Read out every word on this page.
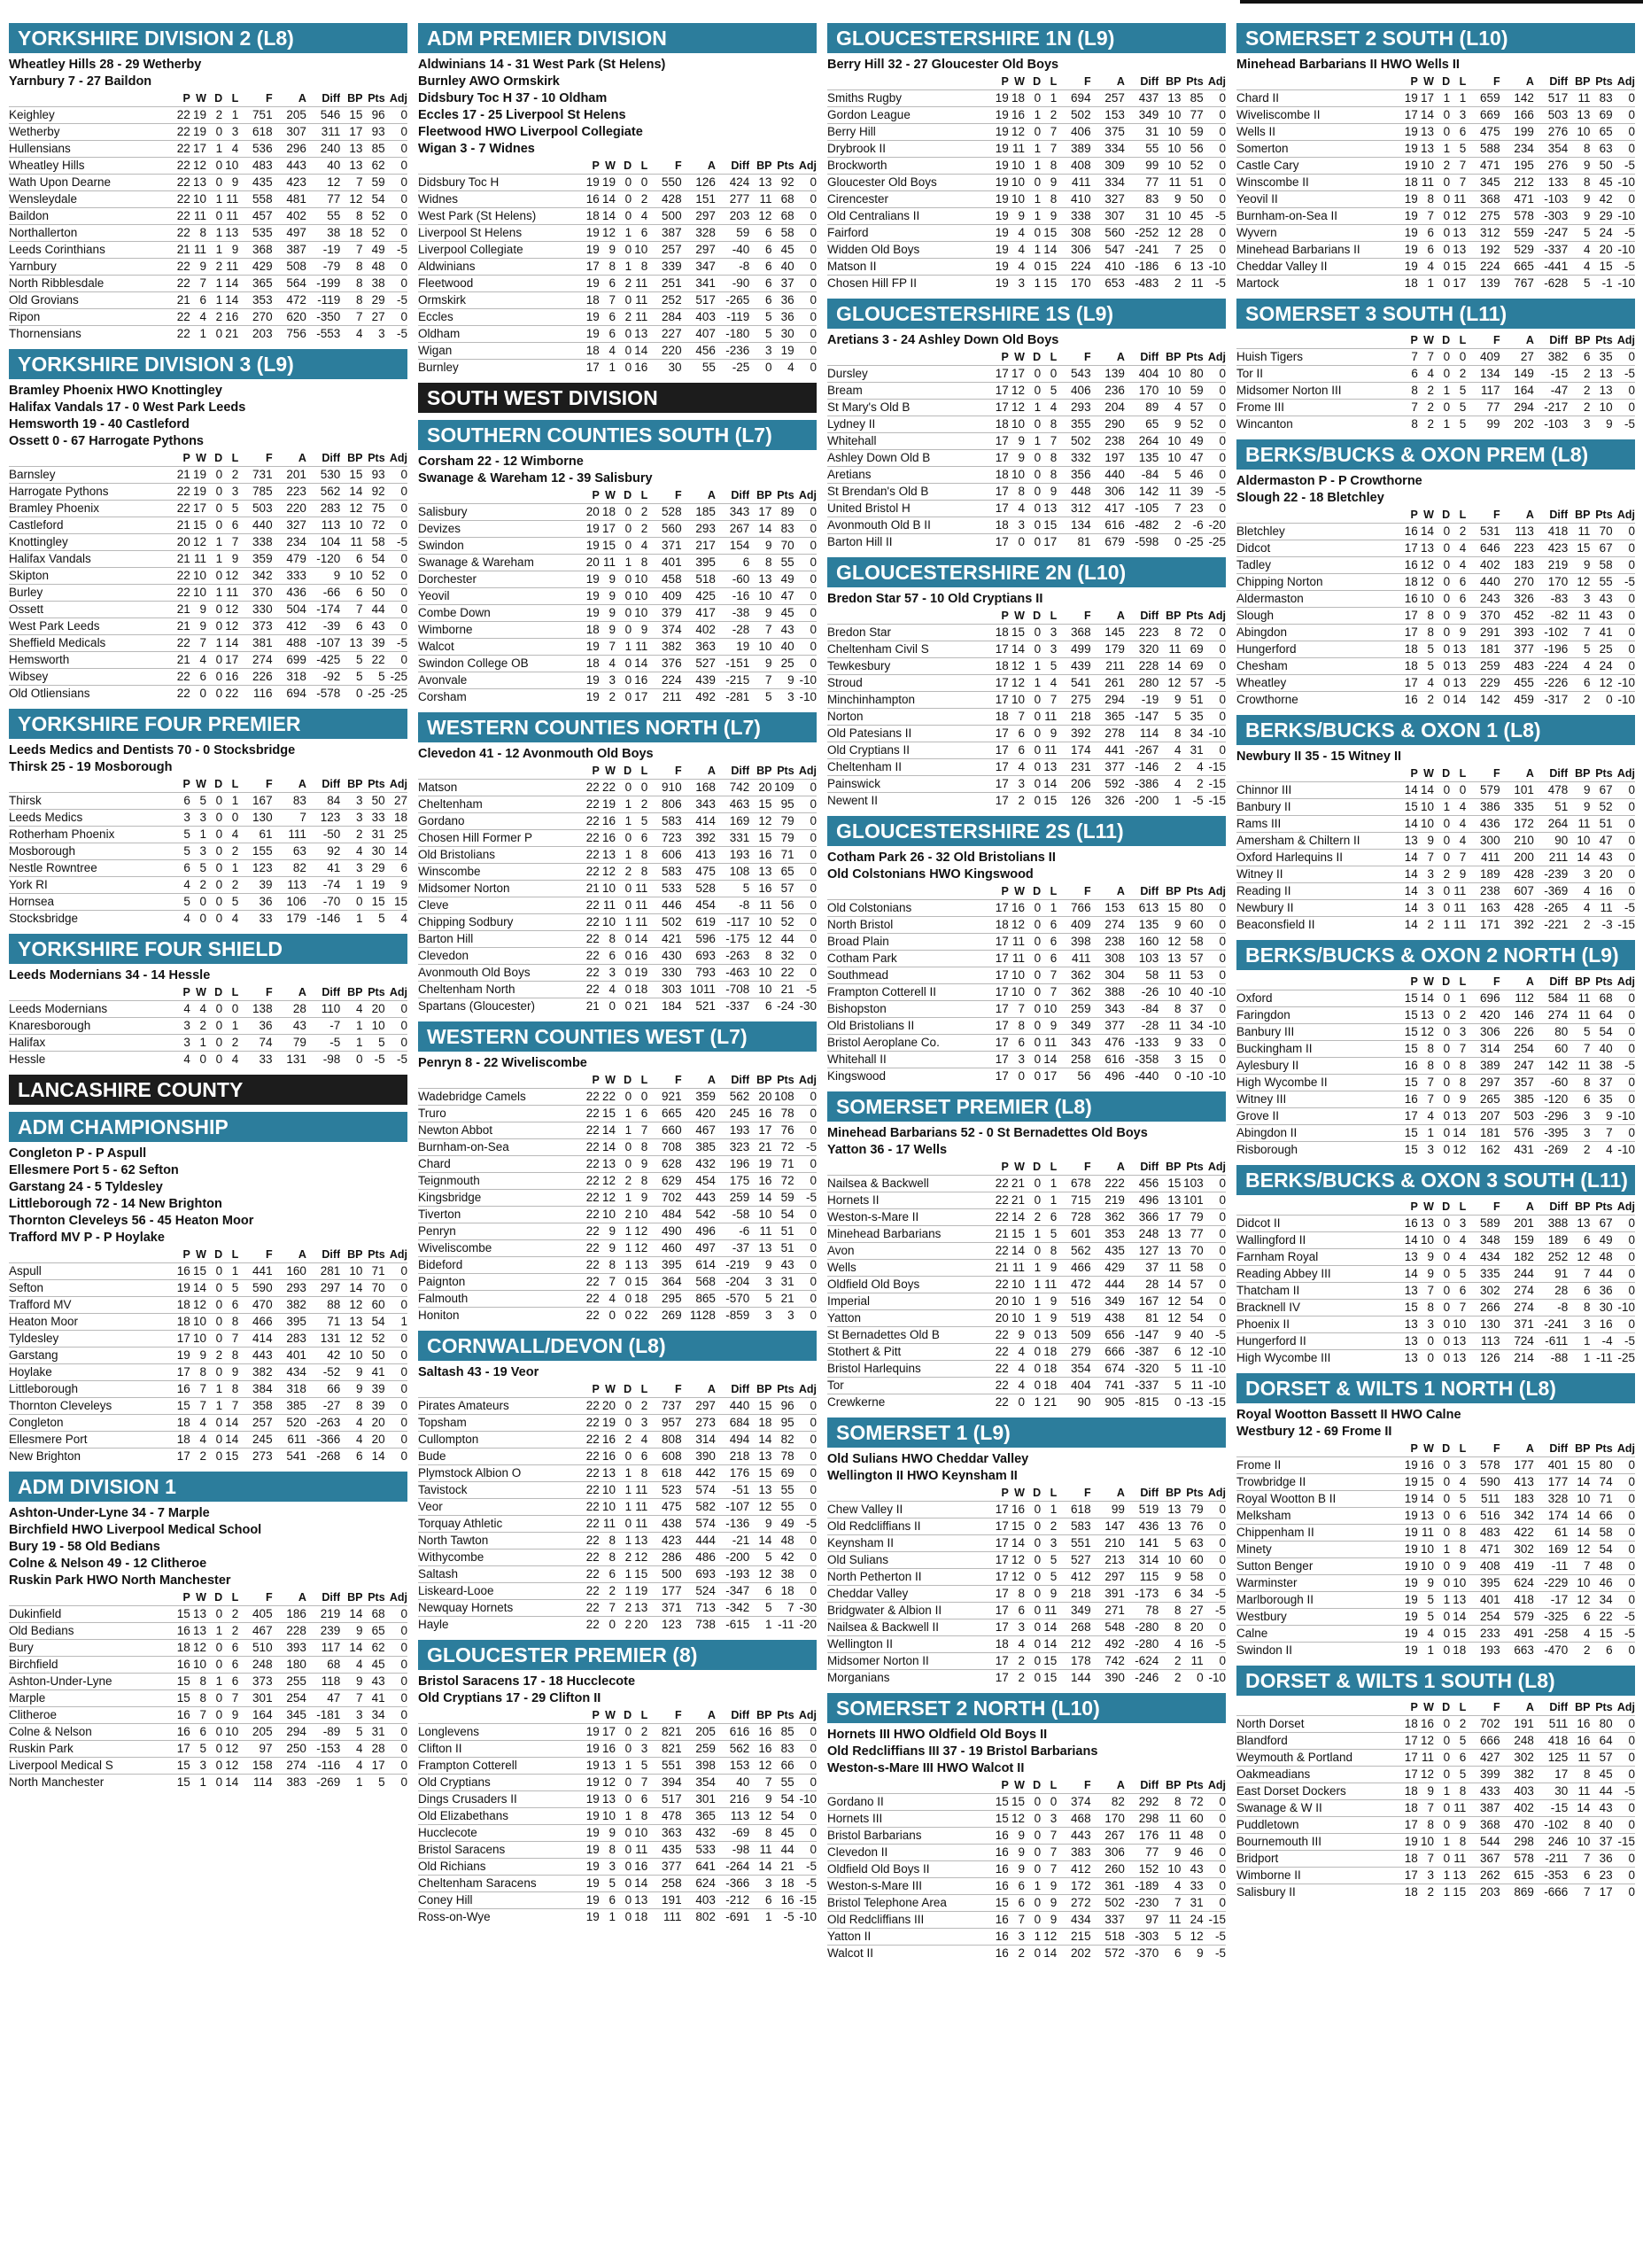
YORKSHIRE DIVISION 2 (L8)
Wheatley Hills 28 - 29 Wetherby
Yarnbury 7 - 27 Baildon
	P	W	D	L	F	A	Diff	BP	Pts	Adj
Keighley	22	19	2	1	751	205	546	15	96	0
Wetherby	22	19	0	3	618	307	311	17	93	0
Hullensians	22	17	1	4	536	296	240	13	85	0
Wheatley Hills	22	12	0	10	483	443	40	13	62	0
Wath Upon Dearne	22	13	0	9	435	423	12	7	59	0
Wensleydale	22	10	1	11	558	481	77	12	54	0
Baildon	22	11	0	11	457	402	55	8	52	0
Northallerton	22	8	1	13	535	497	38	18	52	0
Leeds Corinthians	21	11	1	9	368	387	-19	7	49	-5
Yarnbury	22	9	2	11	429	508	-79	8	48	0
North Ribblesdale	22	7	1	14	365	564	-199	8	38	0
Old Grovians	21	6	1	14	353	472	-119	8	29	-5
Ripon	22	4	2	16	270	620	-350	7	27	0
Thornensians	22	1	0	21	203	756	-553	4	3	-5
YORKSHIRE DIVISION 3 (L9)
Bramley Phoenix HWO Knottingley
Halifax Vandals 17 - 0 West Park Leeds
Hemsworth 19 - 40 Castleford
Ossett 0 - 67 Harrogate Pythons
	P	W	D	L	F	A	Diff	BP	Pts	Adj
Barnsley	21	19	0	2	731	201	530	15	93	0
Harrogate Pythons	22	19	0	3	785	223	562	14	92	0
Bramley Phoenix	22	17	0	5	503	220	283	12	75	0
Castleford	21	15	0	6	440	327	113	10	72	0
Knottingley	20	12	1	7	338	234	104	11	58	-5
Halifax Vandals	21	11	1	9	359	479	-120	6	54	0
Skipton	22	10	0	12	342	333	9	10	52	0
Burley	22	10	1	11	370	436	-66	6	50	0
Ossett	21	9	0	12	330	504	-174	7	44	0
West Park Leeds	21	9	0	12	373	412	-39	6	43	0
Sheffield Medicals	22	7	1	14	381	488	-107	13	39	-5
Hemsworth	21	4	0	17	274	699	-425	5	22	0
Wibsey	22	6	0	16	226	318	-92	5	5	-25
Old Otliensians	22	0	0	22	116	694	-578	0	-25	-25
YORKSHIRE FOUR PREMIER
Leeds Medics and Dentists 70 - 0 Stocksbridge
Thirsk 25 - 19 Mosborough
	P	W	D	L	F	A	Diff	BP	Pts	Adj
Thirsk	6	5	0	1	167	83	84	3	50	27
Leeds Medics	3	3	0	0	130	7	123	3	33	18
Rotherham Phoenix	5	1	0	4	61	111	-50	2	31	25
Mosborough	5	3	0	2	155	63	92	4	30	14
Nestle Rowntree	6	5	0	1	123	82	41	3	29	6
York RI	4	2	0	2	39	113	-74	1	19	9
Hornsea	5	0	0	5	36	106	-70	0	15	15
Stocksbridge	4	0	0	4	33	179	-146	1	5	4
YORKSHIRE FOUR SHIELD
Leeds Modernians 34 - 14 Hessle
	P	W	D	L	F	A	Diff	BP	Pts	Adj
Leeds Modernians	4	4	0	0	138	28	110	4	20	0
Knaresborough	3	2	0	1	36	43	-7	1	10	0
Halifax	3	1	0	2	74	79	-5	1	5	0
Hessle	4	0	0	4	33	131	-98	0	-5	-5
LANCASHIRE COUNTY
ADM CHAMPIONSHIP
Congleton P - P Aspull
Ellesmere Port 5 - 62 Sefton
Garstang 24 - 5 Tyldesley
Littleborough 72 - 14 New Brighton
Thornton Cleveleys 56 - 45 Heaton Moor
Trafford MV P - P Hoylake
	P	W	D	L	F	A	Diff	BP	Pts	Adj
Aspull	16	15	0	1	441	160	281	10	71	0
Sefton	19	14	0	5	590	293	297	14	70	0
Trafford MV	18	12	0	6	470	382	88	12	60	0
Heaton Moor	18	10	0	8	466	395	71	13	54	1
Tyldesley	17	10	0	7	414	283	131	12	52	0
Garstang	19	9	2	8	443	401	42	10	50	0
Hoylake	17	8	0	9	382	434	-52	9	41	0
Littleborough	16	7	1	8	384	318	66	9	39	0
Thornton Cleveleys	15	7	1	7	358	385	-27	8	39	0
Congleton	18	4	0	14	257	520	-263	4	20	0
Ellesmere Port	18	4	0	14	245	611	-366	4	20	0
New Brighton	17	2	0	15	273	541	-268	6	14	0
ADM DIVISION 1
Ashton-Under-Lyne 34 - 7 Marple
Birchfield HWO Liverpool Medical School
Bury 19 - 58 Old Bedians
Colne & Nelson 49 - 12 Clitheroe
Ruskin Park HWO North Manchester
	P	W	D	L	F	A	Diff	BP	Pts	Adj
Dukinfield	15	13	0	2	405	186	219	14	68	0
Old Bedians	16	13	1	2	467	228	239	9	65	0
Bury	18	12	0	6	510	393	117	14	62	0
Birchfield	16	10	0	6	248	180	68	4	45	0
Ashton-Under-Lyne	15	8	1	6	373	255	118	9	43	0
Marple	15	8	0	7	301	254	47	7	41	0
Clitheroe	16	7	0	9	164	345	-181	3	34	0
Colne & Nelson	16	6	0	10	205	294	-89	5	31	0
Ruskin Park	17	5	0	12	97	250	-153	4	28	0
Liverpool Medical S	15	3	0	12	158	274	-116	4	17	0
North Manchester	15	1	0	14	114	383	-269	1	5	0
ADM PREMIER DIVISION
Aldwinians 14 - 31 West Park (St Helens)
Burnley AWO Ormskirk
Didsbury Toc H 37 - 10 Oldham
Eccles 17 - 25 Liverpool St Helens
Fleetwood HWO Liverpool Collegiate
Wigan 3 - 7 Widnes
	P	W	D	L	F	A	Diff	BP	Pts	Adj
Didsbury Toc H	19	19	0	0	550	126	424	13	92	0
Widnes	16	14	0	2	428	151	277	11	68	0
West Park (St Helens)	18	14	0	4	500	297	203	12	68	0
Liverpool St Helens	19	12	1	6	387	328	59	6	58	0
Liverpool Collegiate	19	9	0	10	257	297	-40	6	45	0
Aldwinians	17	8	1	8	339	347	-8	6	40	0
Fleetwood	19	6	2	11	251	341	-90	6	37	0
Ormskirk	18	7	0	11	252	517	-265	6	36	0
Eccles	19	6	2	11	284	403	-119	5	36	0
Oldham	19	6	0	13	227	407	-180	5	30	0
Wigan	18	4	0	14	220	456	-236	3	19	0
Burnley	17	1	0	16	30	55	-25	0	4	0
SOUTH WEST DIVISION
SOUTHERN COUNTIES SOUTH (L7)
Corsham 22 - 12 Wimborne
Swanage & Wareham 12 - 39 Salisbury
	P	W	D	L	F	A	Diff	BP	Pts	Adj
Salisbury	20	18	0	2	528	185	343	17	89	0
Devizes	19	17	0	2	560	293	267	14	83	0
Swindon	19	15	0	4	371	217	154	9	70	0
Swanage & Wareham	20	11	1	8	401	395	6	8	55	0
Dorchester	19	9	0	10	458	518	-60	13	49	0
Yeovil	19	9	0	10	409	425	-16	10	47	0
Combe Down	19	9	0	10	379	417	-38	9	45	0
Wimborne	18	9	0	9	374	402	-28	7	43	0
Walcot	19	7	1	11	382	363	19	10	40	0
Swindon College OB	18	4	0	14	376	527	-151	9	25	0
Avonvale	19	3	0	16	224	439	-215	7	9	-10
Corsham	19	2	0	17	211	492	-281	5	3	-10
WESTERN COUNTIES NORTH (L7)
Clevedon 41 - 12 Avonmouth Old Boys
	P	W	D	L	F	A	Diff	BP	Pts	Adj
Matson	22	22	0	0	910	168	742	20	109	0
Cheltenham	22	19	1	2	806	343	463	15	95	0
Gordano	22	16	1	5	583	414	169	12	79	0
Chosen Hill Former P	22	16	0	6	723	392	331	15	79	0
Old Bristolians	22	13	1	8	606	413	193	16	71	0
Winscombe	22	12	2	8	583	475	108	13	65	0
Midsomer Norton	21	10	0	11	533	528	5	16	57	0
Cleve	22	11	0	11	446	454	-8	11	56	0
Chipping Sodbury	22	10	1	11	502	619	-117	10	52	0
Barton Hill	22	8	0	14	421	596	-175	12	44	0
Clevedon	22	6	0	16	430	693	-263	8	32	0
Avonmouth Old Boys	22	3	0	19	330	793	-463	10	22	0
Cheltenham North	22	4	0	18	303	1011	-708	10	21	-5
Spartans (Gloucester)	21	0	0	21	184	521	-337	6	-24	-30
WESTERN COUNTIES WEST (L7)
Penryn 8 - 22 Wiveliscombe
	P	W	D	L	F	A	Diff	BP	Pts	Adj
Wadebridge Camels	22	22	0	0	921	359	562	20	108	0
Truro	22	15	1	6	665	420	245	16	78	0
Newton Abbot	22	14	1	7	660	467	193	17	76	0
Burnham-on-Sea	22	14	0	8	708	385	323	21	72	-5
Chard	22	13	0	9	628	432	196	19	71	0
Teignmouth	22	12	2	8	629	454	175	16	72	0
Kingsbridge	22	12	1	9	702	443	259	14	59	-5
Tiverton	22	10	2	10	484	542	-58	10	54	0
Penryn	22	9	1	12	490	496	-6	11	51	0
Wiveliscombe	22	9	1	12	460	497	-37	13	51	0
Bideford	22	8	1	13	395	614	-219	9	43	0
Paignton	22	7	0	15	364	568	-204	3	31	0
Falmouth	22	4	0	18	295	865	-570	5	21	0
Honiton	22	0	0	22	269	1128	-859	3	3	0
CORNWALL/DEVON (L8)
Saltash 43 - 19 Veor
	P	W	D	L	F	A	Diff	BP	Pts	Adj
Pirates Amateurs	22	20	0	2	737	297	440	15	96	0
Topsham	22	19	0	3	957	273	684	18	95	0
Cullompton	22	16	2	4	808	314	494	14	82	0
Bude	22	16	0	6	608	390	218	13	78	0
Plymstock Albion O	22	13	1	8	618	442	176	15	69	0
Tavistock	22	10	1	11	523	574	-51	13	55	0
Veor	22	10	1	11	475	582	-107	12	55	0
Torquay Athletic	22	11	0	11	438	574	-136	9	49	-5
North Tawton	22	8	1	13	423	444	-21	14	48	0
Withycombe	22	8	2	12	286	486	-200	5	42	0
Saltash	22	6	1	15	500	693	-193	12	38	0
Liskeard-Looe	22	2	1	19	177	524	-347	6	18	0
Newquay Hornets	22	7	2	13	371	713	-342	5	7	-30
Hayle	22	0	2	20	123	738	-615	1	-11	-20
GLOUCESTER PREMIER (8)
Bristol Saracens 17 - 18 Hucclecote
Old Cryptians 17 - 29 Clifton II
	P	W	D	L	F	A	Diff	BP	Pts	Adj
Longlevens	19	17	0	2	821	205	616	16	85	0
Clifton II	19	16	0	3	821	259	562	16	83	0
Frampton Cotterell	19	13	1	5	551	398	153	12	66	0
Old Cryptians	19	12	0	7	394	354	40	7	55	0
Dings Crusaders II	19	13	0	6	517	301	216	9	54	-10
Old Elizabethans	19	10	1	8	478	365	113	12	54	0
Hucclecote	19	9	0	10	363	432	-69	8	45	0
Bristol Saracens	19	8	0	11	435	533	-98	11	44	0
Old Richians	19	3	0	16	377	641	-264	14	21	-5
Cheltenham Saracens	19	5	0	14	258	624	-366	3	18	-5
Coney Hill	19	6	0	13	191	403	-212	6	16	-15
Ross-on-Wye	19	1	0	18	111	802	-691	1	-5	-10
GLOUCESTERSHIRE 1N (L9)
Berry Hill 32 - 27 Gloucester Old Boys
	P	W	D	L	F	A	Diff	BP	Pts	Adj
Smiths Rugby	19	18	0	1	694	257	437	13	85	0
Gordon League	19	16	1	2	502	153	349	10	77	0
Berry Hill	19	12	0	7	406	375	31	10	59	0
Drybrook II	19	11	1	7	389	334	55	10	56	0
Brockworth	19	10	1	8	408	309	99	10	52	0
Gloucester Old Boys	19	10	0	9	411	334	77	11	51	0
Cirencester	19	10	1	8	410	327	83	9	50	0
Old Centralians II	19	9	1	9	338	307	31	10	45	-5
Fairford	19	4	0	15	308	560	-252	12	28	0
Widden Old Boys	19	4	1	14	306	547	-241	7	25	0
Matson II	19	4	0	15	224	410	-186	6	13	-10
Chosen Hill FP II	19	3	1	15	170	653	-483	2	11	-5
GLOUCESTERSHIRE 1S (L9)
Aretians 3 - 24 Ashley Down Old Boys
	P	W	D	L	F	A	Diff	BP	Pts	Adj
Dursley	17	17	0	0	543	139	404	10	80	0
Bream	17	12	0	5	406	236	170	10	59	0
St Mary's Old B	17	12	1	4	293	204	89	4	57	0
Lydney II	18	10	0	8	355	290	65	9	52	0
Whitehall	17	9	1	7	502	238	264	10	49	0
Ashley Down Old B	17	9	0	8	332	197	135	10	47	0
Aretians	18	10	0	8	356	440	-84	5	46	0
St Brendan's Old B	17	8	0	9	448	306	142	11	39	-5
United Bristol H	17	4	0	13	312	417	-105	7	23	0
Avonmouth Old B II	18	3	0	15	134	616	-482	2	-6	-20
Barton Hill II	17	0	0	17	81	679	-598	0	-25	-25
GLOUCESTERSHIRE 2N (L10)
Bredon Star 57 - 10 Old Cryptians II
	P	W	D	L	F	A	Diff	BP	Pts	Adj
Bredon Star	18	15	0	3	368	145	223	8	72	0
Cheltenham Civil S	17	14	0	3	499	179	320	11	69	0
Tewkesbury	18	12	1	5	439	211	228	14	69	0
Stroud	17	12	1	4	541	261	280	12	57	-5
Minchinhampton	17	10	0	7	275	294	-19	9	51	0
Norton	18	7	0	11	218	365	-147	5	35	0
Old Patesians II	17	6	0	9	392	278	114	8	34	-10
Old Cryptians II	17	6	0	11	174	441	-267	4	31	0
Cheltenham II	17	4	0	13	231	377	-146	2	4	-15
Painswick	17	3	0	14	206	592	-386	4	2	-15
Newent II	17	2	0	15	126	326	-200	1	-5	-15
GLOUCESTERSHIRE 2S (L11)
Cotham Park 26 - 32 Old Bristolians II
Old Colstonians HWO Kingswood
	P	W	D	L	F	A	Diff	BP	Pts	Adj
Old Colstonians	17	16	0	1	766	153	613	15	80	0
North Bristol	18	12	0	6	409	274	135	9	60	0
Broad Plain	17	11	0	6	398	238	160	12	58	0
Cotham Park	17	11	0	6	411	308	103	13	57	0
Southmead	17	10	0	7	362	304	58	11	53	0
Frampton Cotterell II	17	10	0	7	362	388	-26	10	40	-10
Bishopston	17	7	0	10	259	343	-84	8	37	0
Old Bristolians II	17	8	0	9	349	377	-28	11	34	-10
Bristol Aeroplane Co.	17	6	0	11	343	476	-133	9	33	0
Whitehall II	17	3	0	14	258	616	-358	3	15	0
Kingswood	17	0	0	17	56	496	-440	0	-10	-10
SOMERSET PREMIER (L8)
Minehead Barbarians 52 - 0 St Bernadettes Old Boys
Yatton 36 - 17 Wells
	P	W	D	L	F	A	Diff	BP	Pts	Adj
Nailsea & Backwell	22	21	0	1	678	222	456	15	103	0
Hornets II	22	21	0	1	715	219	496	13	101	0
Weston-s-Mare II	22	14	2	6	728	362	366	17	79	0
Minehead Barbarians	21	15	1	5	601	353	248	13	77	0
Avon	22	14	0	8	562	435	127	13	70	0
Wells	21	11	1	9	466	429	37	11	58	0
Oldfield Old Boys	22	10	1	11	472	444	28	14	57	0
Imperial	20	10	1	9	516	349	167	12	54	0
Yatton	20	10	1	9	519	438	81	12	54	0
St Bernadettes Old B	22	9	0	13	509	656	-147	9	40	-5
Stothert & Pitt	22	4	0	18	279	666	-387	6	12	-10
Bristol Harlequins	22	4	0	18	354	674	-320	5	11	-10
Tor	22	4	0	18	404	741	-337	5	11	-10
Crewkerne	22	0	1	21	90	905	-815	0	-13	-15
SOMERSET 1 (L9)
Old Sulians HWO Cheddar Valley
Wellington II HWO Keynsham II
	P	W	D	L	F	A	Diff	BP	Pts	Adj
Chew Valley II	17	16	0	1	618	99	519	13	79	0
Old Redcliffians II	17	15	0	2	583	147	436	13	76	0
Keynsham II	17	14	0	3	551	210	141	5	63	0
Old Sulians	17	12	0	5	527	213	314	10	60	0
North Petherton II	17	12	0	5	412	297	115	9	58	0
Cheddar Valley	17	8	0	9	218	391	-173	6	34	-5
Bridgwater & Albion II	17	6	0	11	349	271	78	8	27	-5
Nailsea & Backwell II	17	3	0	14	268	548	-280	8	20	0
Wellington II	18	4	0	14	212	492	-280	4	16	-5
Midsomer Norton II	17	2	0	15	178	742	-624	2	11	0
Morganians	17	2	0	15	144	390	-246	2	0	-10
SOMERSET 2 NORTH (L10)
Hornets III HWO Oldfield Old Boys II
Old Redcliffians III 37 - 19 Bristol Barbarians
Weston-s-Mare III HWO Walcot II
	P	W	D	L	F	A	Diff	BP	Pts	Adj
Gordano II	15	15	0	0	374	82	292	8	72	0
Hornets III	15	12	0	3	468	170	298	11	60	0
Bristol Barbarians	16	9	0	7	443	267	176	11	48	0
Clevedon II	16	9	0	7	383	306	77	9	46	0
Oldfield Old Boys II	16	9	0	7	412	260	152	10	43	0
Weston-s-Mare III	16	6	1	9	172	361	-189	4	33	0
Bristol Telephone Area	15	6	0	9	272	502	-230	7	31	0
Old Redcliffians III	16	7	0	9	434	337	97	11	24	-15
Yatton II	16	3	1	12	215	518	-303	5	12	-5
Walcot II	16	2	0	14	202	572	-370	6	9	-5
SOMERSET 2 SOUTH (L10)
Minehead Barbarians II HWO Wells II
	P	W	D	L	F	A	Diff	BP	Pts	Adj
Chard II	19	17	1	1	659	142	517	11	83	0
Wiveliscombe II	17	14	0	3	669	166	503	13	69	0
Wells II	19	13	0	6	475	199	276	10	65	0
Somerton	19	13	1	5	588	234	354	8	63	0
Castle Cary	19	10	2	7	471	195	276	9	50	-5
Winscombe II	18	11	0	7	345	212	133	8	45	-10
Yeovil II	19	8	0	11	368	471	-103	9	42	0
Burnham-on-Sea II	19	7	0	12	275	578	-303	9	29	-10
Wyvern	19	6	0	13	312	559	-247	5	24	-5
Minehead Barbarians II	19	6	0	13	192	529	-337	4	20	-10
Cheddar Valley II	19	4	0	15	224	665	-441	4	15	-5
Martock	18	1	0	17	139	767	-628	5	-1	-10
SOMERSET 3 SOUTH (L11)
	P	W	D	L	F	A	Diff	BP	Pts	Adj
Huish Tigers	7	7	0	0	409	27	382	6	35	0
Tor II	6	4	0	2	134	149	-15	2	13	-5
Midsomer Norton III	8	2	1	5	117	164	-47	2	13	0
Frome III	7	2	0	5	77	294	-217	2	10	0
Wincanton	8	2	1	5	99	202	-103	3	9	-5
BERKS/BUCKS & OXON PREM (L8)
Aldermaston P - P Crowthorne
Slough 22 - 18 Bletchley
	P	W	D	L	F	A	Diff	BP	Pts	Adj
Bletchley	16	14	0	2	531	113	418	11	70	0
Didcot	17	13	0	4	646	223	423	15	67	0
Tadley	16	12	0	4	402	183	219	9	58	0
Chipping Norton	18	12	0	6	440	270	170	12	55	-5
Aldermaston	16	10	0	6	243	326	-83	3	43	0
Slough	17	8	0	9	370	452	-82	11	43	0
Abingdon	17	8	0	9	291	393	-102	7	41	0
Hungerford	18	5	0	13	181	377	-196	5	25	0
Chesham	18	5	0	13	259	483	-224	4	24	0
Wheatley	17	4	0	13	229	455	-226	6	12	-10
Crowthorne	16	2	0	14	142	459	-317	2	0	-10
BERKS/BUCKS & OXON 1 (L8)
Newbury II 35 - 15 Witney II
	P	W	D	L	F	A	Diff	BP	Pts	Adj
Chinnor III	14	14	0	0	579	101	478	9	67	0
Banbury II	15	10	1	4	386	335	51	9	52	0
Rams III	14	10	0	4	436	172	264	11	51	0
Amersham & Chiltern II	13	9	0	4	300	210	90	10	47	0
Oxford Harlequins II	14	7	0	7	411	200	211	14	43	0
Witney II	14	3	2	9	189	428	-239	3	20	0
Reading II	14	3	0	11	238	607	-369	4	16	0
Newbury II	14	3	0	11	163	428	-265	4	11	-5
Beaconsfield II	14	2	1	11	171	392	-221	2	-3	-15
BERKS/BUCKS & OXON 2 NORTH (L9)
	P	W	D	L	F	A	Diff	BP	Pts	Adj
Oxford	15	14	0	1	696	112	584	11	68	0
Faringdon	15	13	0	2	420	146	274	11	64	0
Banbury III	15	12	0	3	306	226	80	5	54	0
Buckingham II	15	8	0	7	314	254	60	7	40	0
Aylesbury II	16	8	0	8	389	247	142	11	38	-5
High Wycombe II	15	7	0	8	297	357	-60	8	37	0
Witney III	16	7	0	9	265	385	-120	6	35	0
Grove II	17	4	0	13	207	503	-296	3	9	-10
Abingdon II	15	1	0	14	181	576	-395	3	7	0
Risborough	15	3	0	12	162	431	-269	2	4	-10
BERKS/BUCKS & OXON 3 SOUTH (L11)
	P	W	D	L	F	A	Diff	BP	Pts	Adj
Didcot II	16	13	0	3	589	201	388	13	67	0
Wallingford II	14	10	0	4	348	159	189	6	49	0
Farnham Royal	13	9	0	4	434	182	252	12	48	0
Reading Abbey III	14	9	0	5	335	244	91	7	44	0
Thatcham II	13	7	0	6	302	274	28	6	36	0
Bracknell IV	15	8	0	7	266	274	-8	8	30	-10
Phoenix II	13	3	0	10	130	371	-241	3	16	0
Hungerford II	13	0	0	13	113	724	-611	1	-4	-5
High Wycombe III	13	0	0	13	126	214	-88	1	-11	-25
DORSET & WILTS 1 NORTH (L8)
Royal Wootton Bassett II HWO Calne
Westbury 12 - 69 Frome II
	P	W	D	L	F	A	Diff	BP	Pts	Adj
Frome II	19	16	0	3	578	177	401	15	80	0
Trowbridge II	19	15	0	4	590	413	177	14	74	0
Royal Wootton B II	19	14	0	5	511	183	328	10	71	0
Melksham	19	13	0	6	516	342	174	14	66	0
Chippenham II	19	11	0	8	483	422	61	14	58	0
Minety	19	10	1	8	471	302	169	12	54	0
Sutton Benger	19	10	0	9	408	419	-11	7	48	0
Warminster	19	9	0	10	395	624	-229	10	46	0
Marlborough II	19	5	1	13	401	418	-17	12	34	0
Westbury	19	5	0	14	254	579	-325	6	22	-5
Calne	19	4	0	15	233	491	-258	4	15	-5
Swindon II	19	1	0	18	193	663	-470	2	6	0
DORSET & WILTS 1 SOUTH (L8)
	P	W	D	L	F	A	Diff	BP	Pts	Adj
North Dorset	18	16	0	2	702	191	511	16	80	0
Blandford	17	12	0	5	666	248	418	16	64	0
Weymouth & Portland	17	11	0	6	427	302	125	11	57	0
Oakmeadians	17	12	0	5	399	382	17	8	45	0
East Dorset Dockers	18	9	1	8	433	403	30	11	44	-5
Swanage & W II	18	7	0	11	387	402	-15	14	43	0
Puddletown	17	8	0	9	368	470	-102	8	40	0
Bournemouth III	19	10	1	8	544	298	246	10	37	-15
Bridport	18	7	0	11	367	578	-211	7	36	0
Wimborne II	17	3	1	13	262	615	-353	6	23	0
Salisbury II	18	2	1	15	203	869	-666	7	17	0
